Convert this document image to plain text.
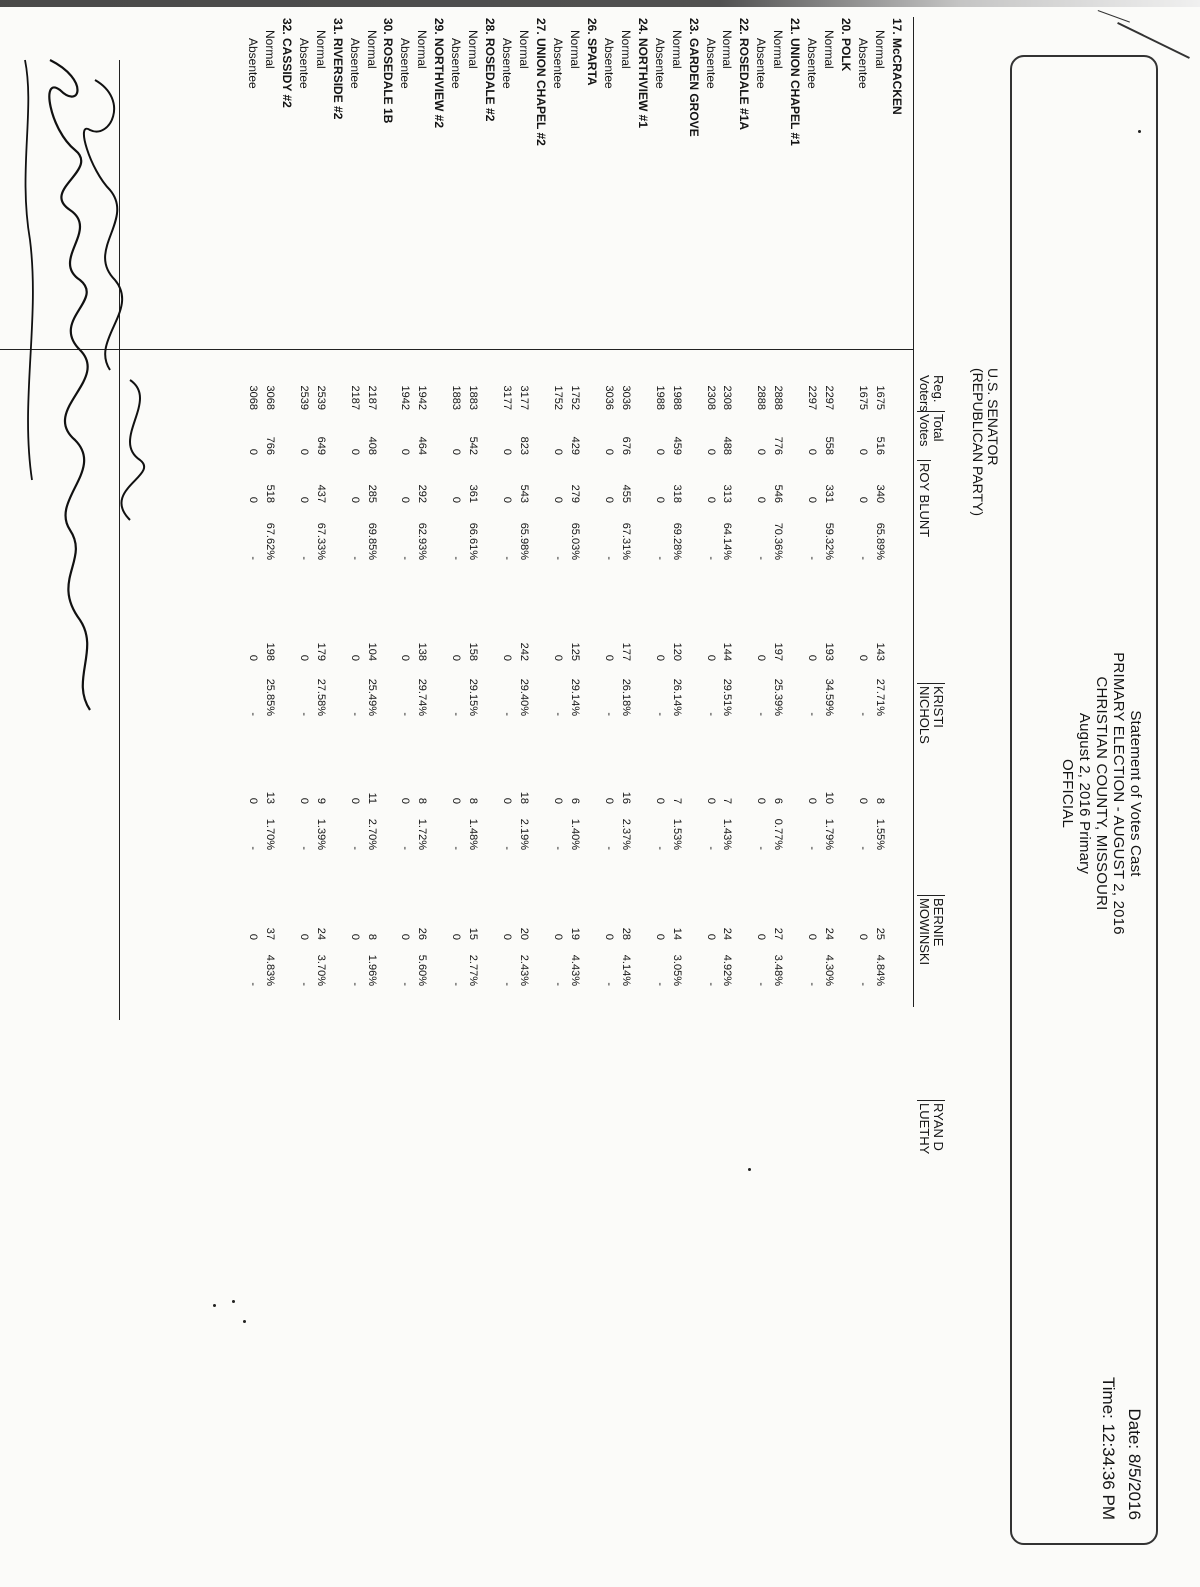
Statement of Votes Cast
PRIMARY ELECTION - AUGUST 2, 2016
CHRISTIAN COUNTY, MISSOURI
August 2, 2016 Primary
OFFICIAL
Date: 8/5/2016
Time: 12:34:36 PM
U.S. SENATOR
(REPUBLICAN PARTY)
Reg.
Voters
Total
Votes
ROY BLUNT
KRISTI
NICHOLS
BERNIE
MOWINSKI
RYAN D
LUETHY
17. McCRACKEN
Normal
1675
516
340
65.89%
143
27.71%
8
1.55%
25
4.84%
Absentee
1675
0
0
-
0
-
0
-
0
-
20. POLK
Normal
2297
558
331
59.32%
193
34.59%
10
1.79%
24
4.30%
Absentee
2297
0
0
-
0
-
0
-
0
-
21. UNION CHAPEL #1
Normal
2888
776
546
70.36%
197
25.39%
6
0.77%
27
3.48%
Absentee
2888
0
0
-
0
-
0
-
0
-
22. ROSEDALE #1A
Normal
2308
488
313
64.14%
144
29.51%
7
1.43%
24
4.92%
Absentee
2308
0
0
-
0
-
0
-
0
-
23. GARDEN GROVE
Normal
1988
459
318
69.28%
120
26.14%
7
1.53%
14
3.05%
Absentee
1988
0
0
-
0
-
0
-
0
-
24. NORTHVIEW #1
Normal
3036
676
455
67.31%
177
26.18%
16
2.37%
28
4.14%
Absentee
3036
0
0
-
0
-
0
-
0
-
26. SPARTA
Normal
1752
429
279
65.03%
125
29.14%
6
1.40%
19
4.43%
Absentee
1752
0
0
-
0
-
0
-
0
-
27. UNION CHAPEL #2
Normal
3177
823
543
65.98%
242
29.40%
18
2.19%
20
2.43%
Absentee
3177
0
0
-
0
-
0
-
0
-
28. ROSEDALE #2
Normal
1883
542
361
66.61%
158
29.15%
8
1.48%
15
2.77%
Absentee
1883
0
0
-
0
-
0
-
0
-
29. NORTHVIEW #2
Normal
1942
464
292
62.93%
138
29.74%
8
1.72%
26
5.60%
Absentee
1942
0
0
-
0
-
0
-
0
-
30. ROSEDALE 1B
Normal
2187
408
285
69.85%
104
25.49%
11
2.70%
8
1.96%
Absentee
2187
0
0
-
0
-
0
-
0
-
31. RIVERSIDE #2
Normal
2539
649
437
67.33%
179
27.58%
9
1.39%
24
3.70%
Absentee
2539
0
0
-
0
-
0
-
0
-
32. CASSIDY #2
Normal
3068
766
518
67.62%
198
25.85%
13
1.70%
37
4.83%
Absentee
3068
0
0
-
0
-
0
-
0
-
